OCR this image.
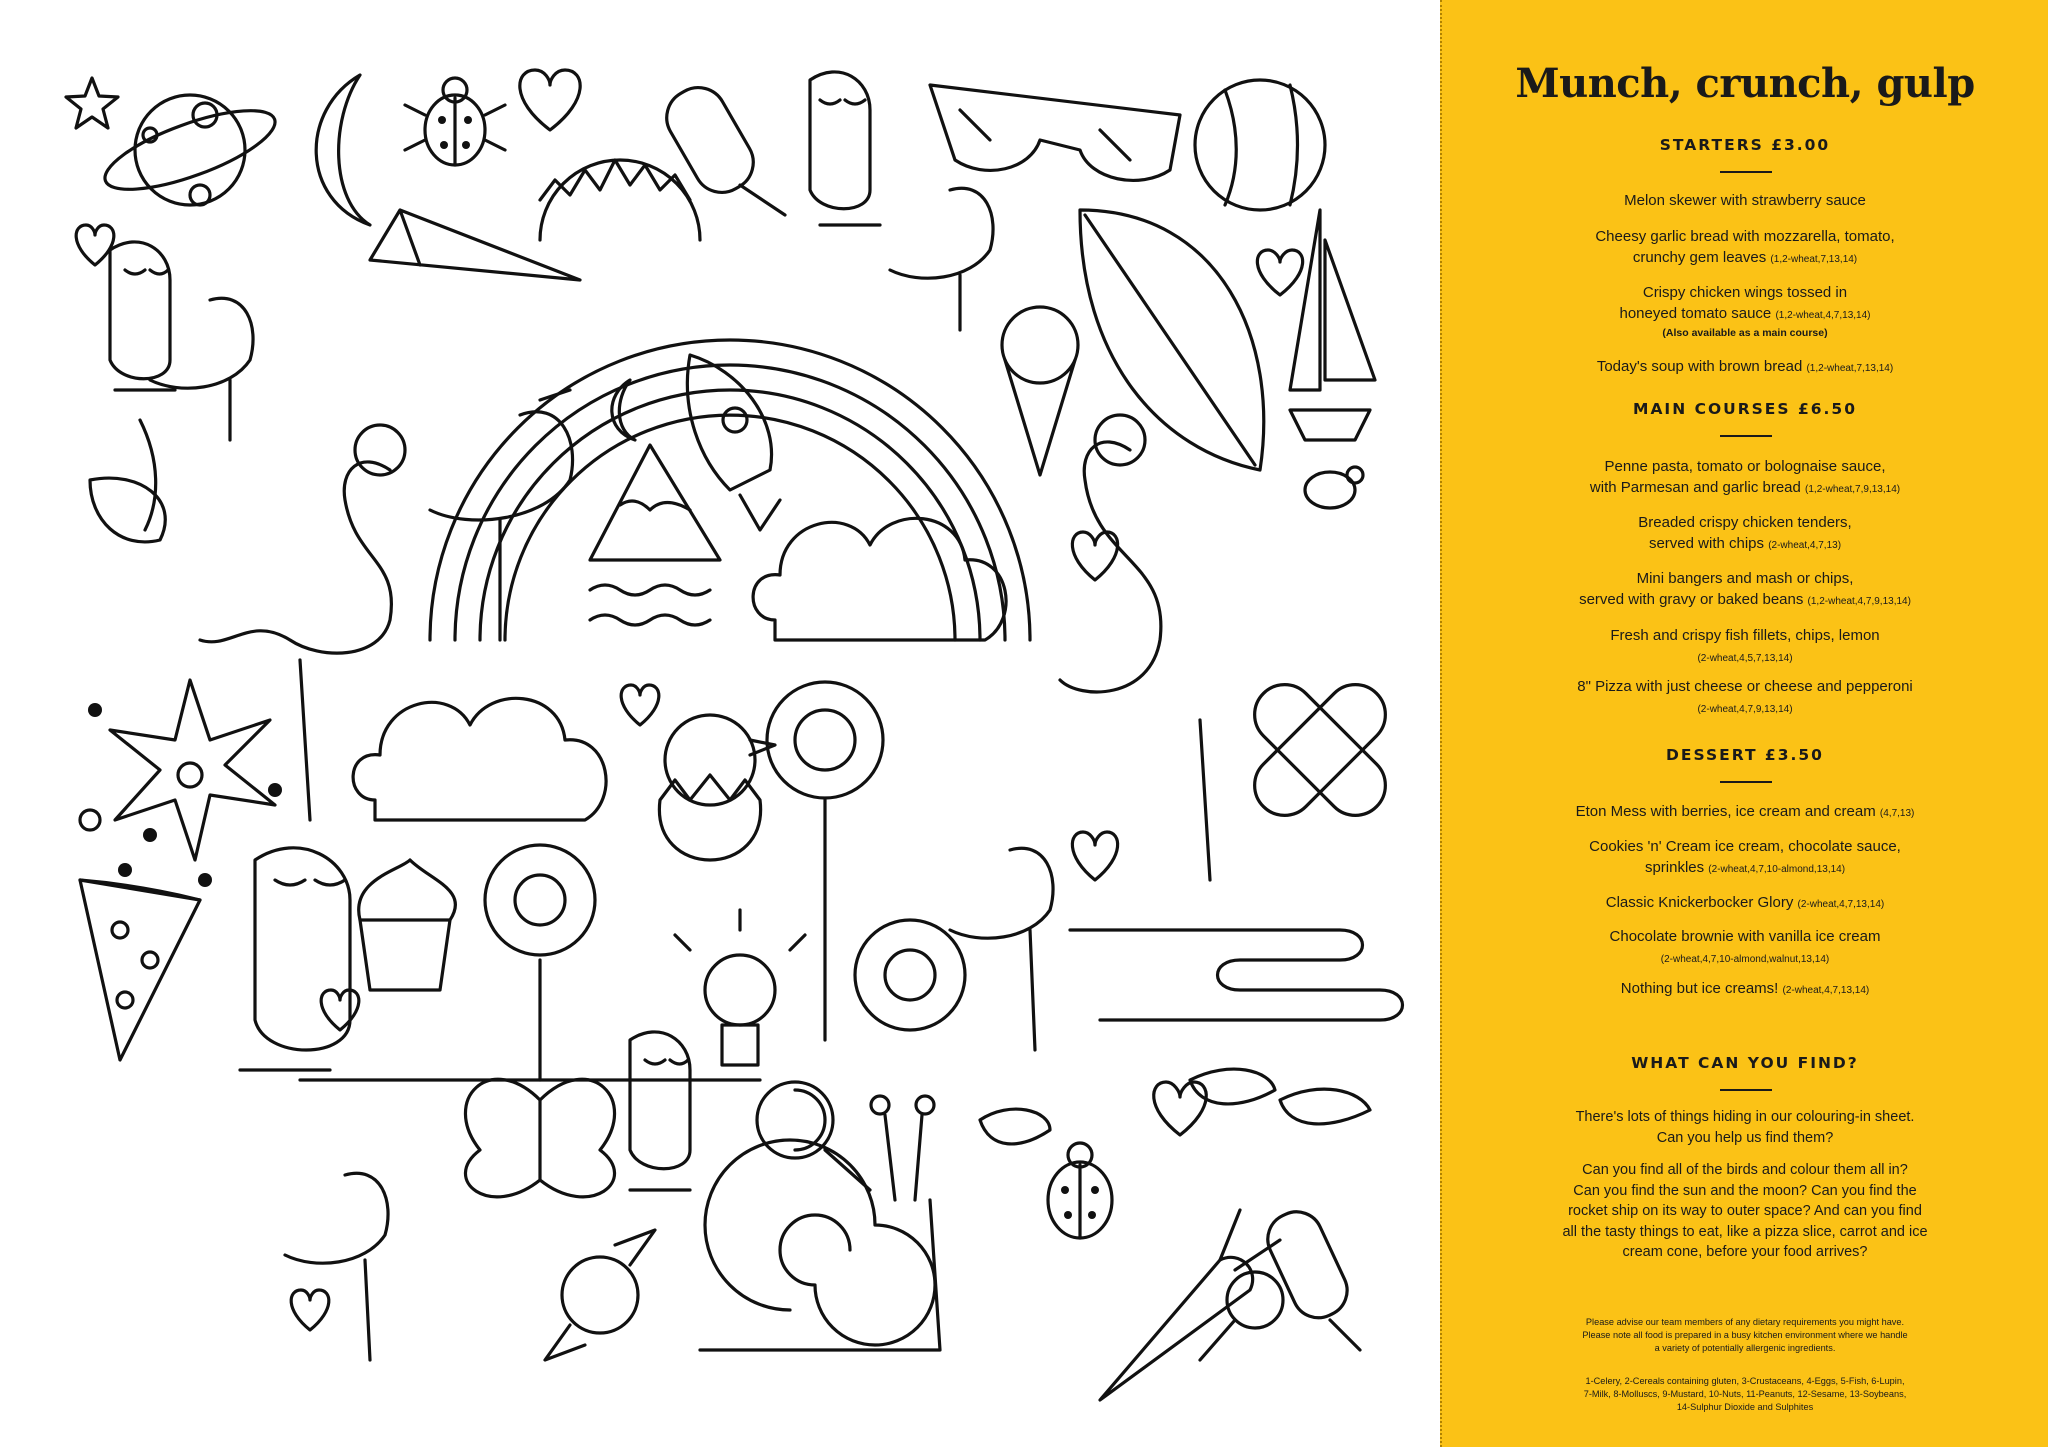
Munch, crunch, gulp
STARTERS £3.00
Melon skewer with strawberry sauce
Cheesy garlic bread with mozzarella, tomato,
crunchy gem leaves (1,2-wheat,7,13,14)
Crispy chicken wings tossed in
honeyed tomato sauce (1,2-wheat,4,7,13,14)
(Also available as a main course)
Today's soup with brown bread (1,2-wheat,7,13,14)
MAIN COURSES £6.50
Penne pasta, tomato or bolognaise sauce,
with Parmesan and garlic bread (1,2-wheat,7,9,13,14)
Breaded crispy chicken tenders,
served with chips (2-wheat,4,7,13)
Mini bangers and mash or chips,
served with gravy or baked beans (1,2-wheat,4,7,9,13,14)
Fresh and crispy fish fillets, chips, lemon
(2-wheat,4,5,7,13,14)
8" Pizza with just cheese or cheese and pepperoni
(2-wheat,4,7,9,13,14)
DESSERT £3.50
Eton Mess with berries, ice cream and cream (4,7,13)
Cookies 'n' Cream ice cream, chocolate sauce,
sprinkles (2-wheat,4,7,10-almond,13,14)
Classic Knickerbocker Glory (2-wheat,4,7,13,14)
Chocolate brownie with vanilla ice cream
(2-wheat,4,7,10-almond,walnut,13,14)
Nothing but ice creams! (2-wheat,4,7,13,14)
WHAT CAN YOU FIND?
There's lots of things hiding in our colouring-in sheet.
Can you help us find them?
Can you find all of the birds and colour them all in?
Can you find the sun and the moon? Can you find the
rocket ship on its way to outer space? And can you find
all the tasty things to eat, like a pizza slice, carrot and ice
cream cone, before your food arrives?
Please advise our team members of any dietary requirements you might have.
Please note all food is prepared in a busy kitchen environment where we handle
a variety of potentially allergenic ingredients.
1-Celery, 2-Cereals containing gluten, 3-Crustaceans, 4-Eggs, 5-Fish, 6-Lupin,
7-Milk, 8-Molluscs, 9-Mustard, 10-Nuts, 11-Peanuts, 12-Sesame, 13-Soybeans,
14-Sulphur Dioxide and Sulphites
